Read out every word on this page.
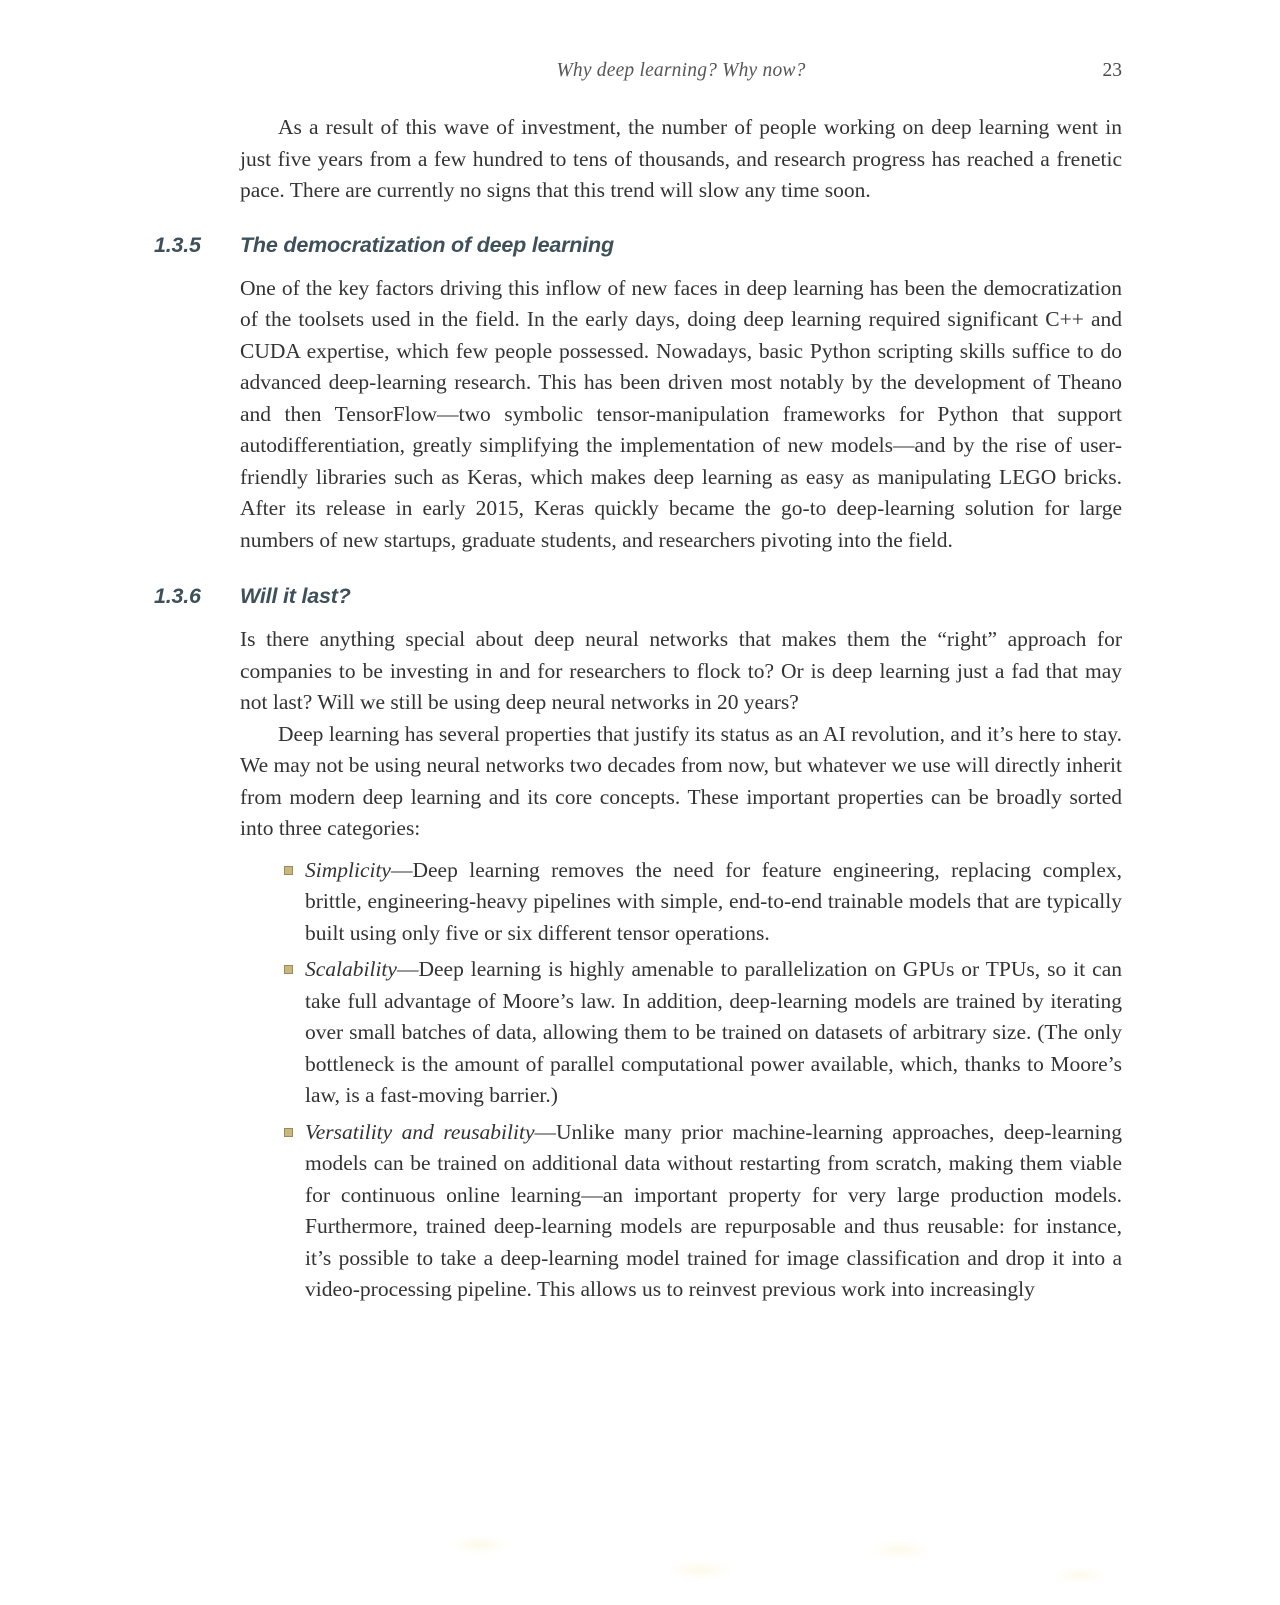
Why deep learning? Why now?	23

As a result of this wave of investment, the number of people working on deep learning went in just five years from a few hundred to tens of thousands, and research progress has reached a frenetic pace. There are currently no signs that this trend will slow any time soon.

1.3.5 The democratization of deep learning

One of the key factors driving this inflow of new faces in deep learning has been the democratization of the toolsets used in the field. In the early days, doing deep learning required significant C++ and CUDA expertise, which few people possessed. Nowadays, basic Python scripting skills suffice to do advanced deep-learning research. This has been driven most notably by the development of Theano and then TensorFlow—two symbolic tensor-manipulation frameworks for Python that support autodifferentiation, greatly simplifying the implementation of new models—and by the rise of user-friendly libraries such as Keras, which makes deep learning as easy as manipulating LEGO bricks. After its release in early 2015, Keras quickly became the go-to deep-learning solution for large numbers of new startups, graduate students, and researchers pivoting into the field.

1.3.6 Will it last?

Is there anything special about deep neural networks that makes them the “right” approach for companies to be investing in and for researchers to flock to? Or is deep learning just a fad that may not last? Will we still be using deep neural networks in 20 years?

Deep learning has several properties that justify its status as an AI revolution, and it’s here to stay. We may not be using neural networks two decades from now, but whatever we use will directly inherit from modern deep learning and its core concepts. These important properties can be broadly sorted into three categories:

Simplicity—Deep learning removes the need for feature engineering, replacing complex, brittle, engineering-heavy pipelines with simple, end-to-end trainable models that are typically built using only five or six different tensor operations.
Scalability—Deep learning is highly amenable to parallelization on GPUs or TPUs, so it can take full advantage of Moore’s law. In addition, deep-learning models are trained by iterating over small batches of data, allowing them to be trained on datasets of arbitrary size. (The only bottleneck is the amount of parallel computational power available, which, thanks to Moore’s law, is a fast-moving barrier.)
Versatility and reusability—Unlike many prior machine-learning approaches, deep-learning models can be trained on additional data without restarting from scratch, making them viable for continuous online learning—an important property for very large production models. Furthermore, trained deep-learning models are repurposable and thus reusable: for instance, it’s possible to take a deep-learning model trained for image classification and drop it into a video-processing pipeline. This allows us to reinvest previous work into increasingly
